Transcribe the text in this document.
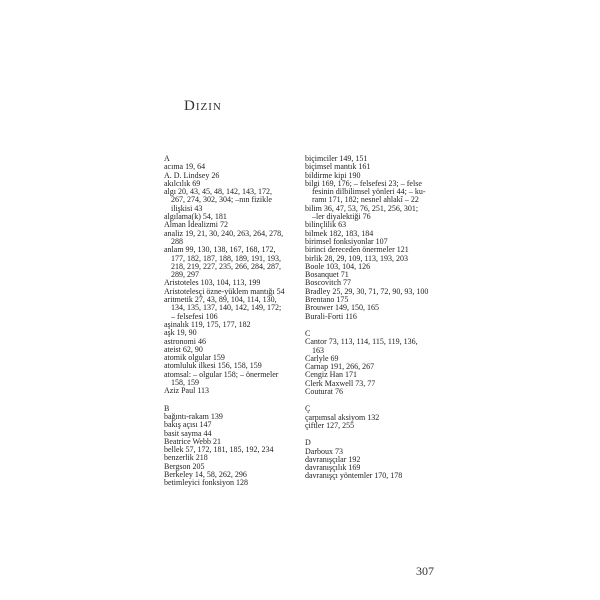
Dizin
A
acıma 19, 64
A. D. Lindsey 26
akılcılık 69
algı 20, 43, 45, 48, 142, 143, 172,
267, 274, 302, 304; –nın fizikle
ilişkisi 43
algılama(k) 54, 181
Alman İdealizmi 72
analiz 19, 21, 30, 240, 263, 264, 278,
288
anlam 99, 130, 138, 167, 168, 172,
177, 182, 187, 188, 189, 191, 193,
218, 219, 227, 235, 266, 284, 287,
289, 297
Aristoteles 103, 104, 113, 199
Aristotelesçi özne-yüklem mantığı 54
aritmetik 27, 43, 89, 104, 114, 130,
134, 135, 137, 140, 142, 149, 172;
– felsefesi 106
aşinalık 119, 175, 177, 182
aşk 19, 90
astronomi 46
ateist 62, 90
atomik olgular 159
atomluluk ilkesi 156, 158, 159
atomsal: – olgular 158; – önermeler
158, 159
Aziz Paul 113
B
bağıntı-rakam 139
bakış açısı 147
basit sayma 44
Beatrice Webb 21
bellek 57, 172, 181, 185, 192, 234
benzerlik 218
Bergson 205
Berkeley 14, 58, 262, 296
betimleyici fonksiyon 128
biçimciler 149, 151
biçimsel mantık 161
bildirme kipi 190
bilgi 169, 176; – felsefesi 23; – felse
fesinin dilbilimsel yönleri 44; – ku-
ramı 171, 182; nesnel ahlakî – 22
bilim 36, 47, 53, 76, 251, 256, 301;
–ler diyalektiği 76
bilinçlilik 63
bilmek 182, 183, 184
birimsel fonksiyonlar 107
birinci dereceden önermeler 121
birlik 28, 29, 109, 113, 193, 203
Boole 103, 104, 126
Bosanquet 71
Boscovitch 77
Bradley 25, 29, 30, 71, 72, 90, 93, 100
Brentano 175
Brouwer 149, 150, 165
Burali-Forti 116
C
Cantor 73, 113, 114, 115, 119, 136,
163
Carlyle 69
Carnap 191, 266, 267
Cengiz Han 171
Clerk Maxwell 73, 77
Couturat 76
Ç
çarpımsal aksiyom 132
çiftler 127, 255
D
Darboux 73
davranışçılar 192
davranışçılık 169
davranışçı yöntemler 170, 178
307
